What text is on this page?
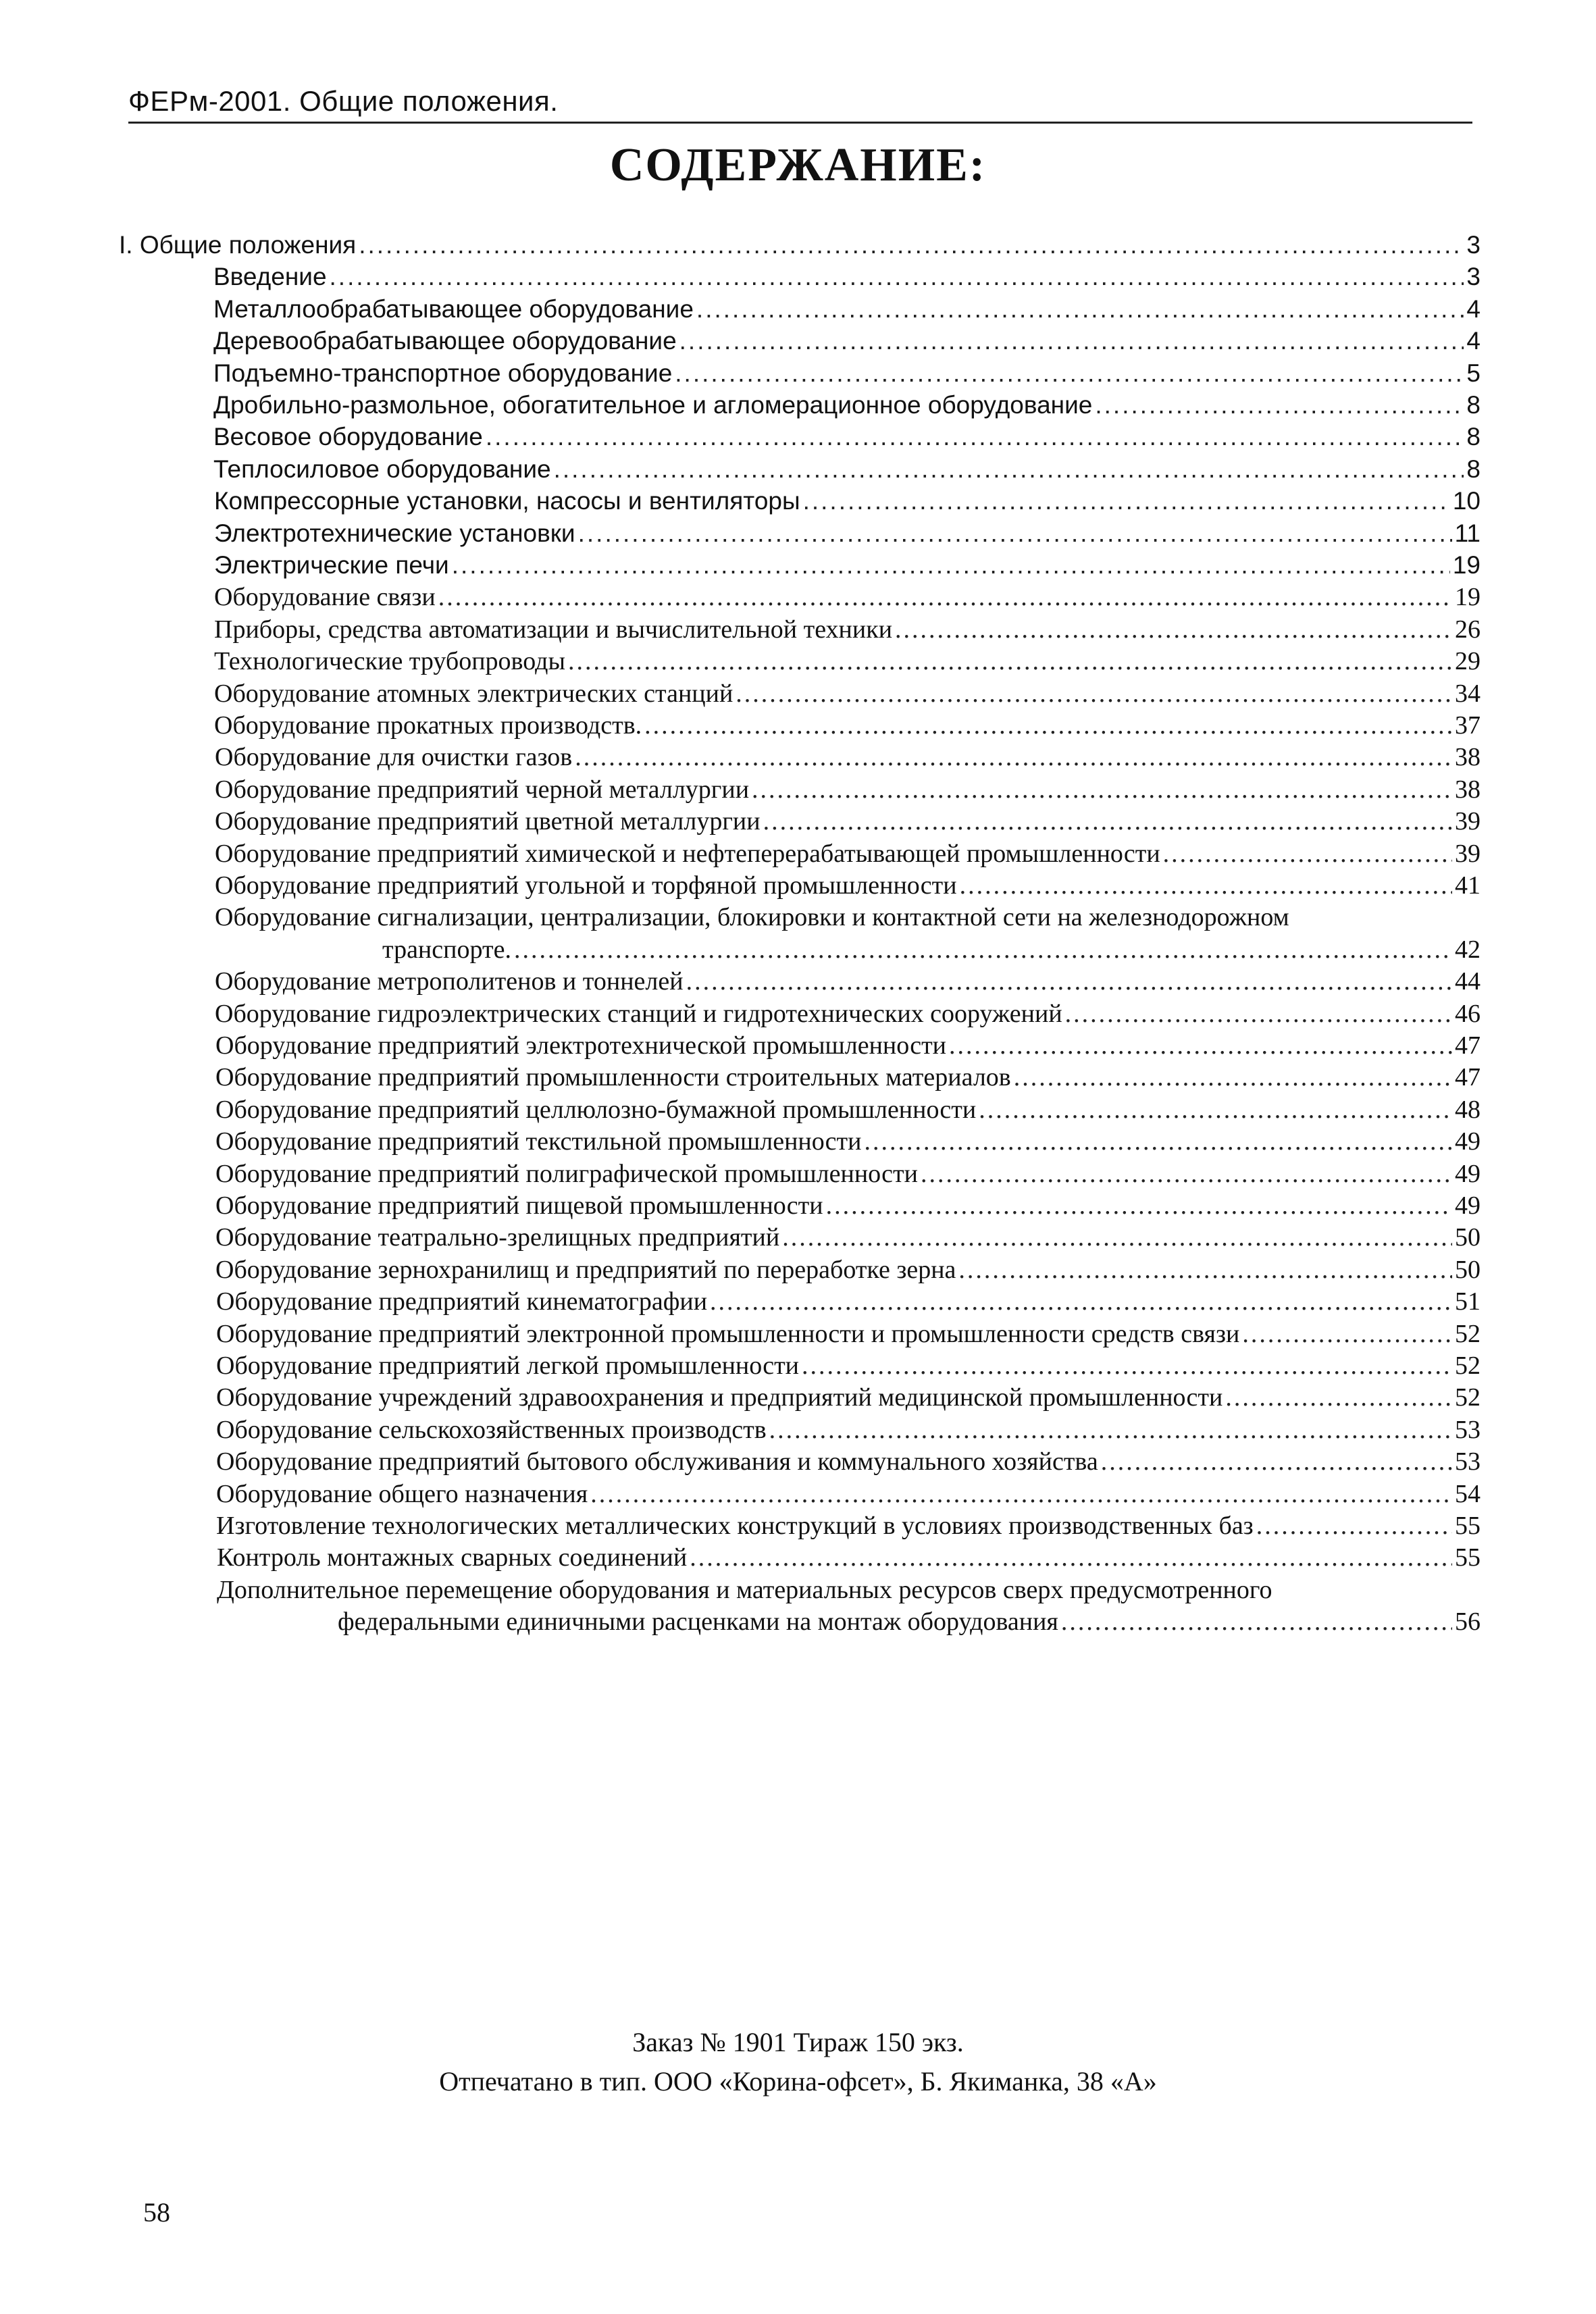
ФЕРм-2001. Общие положения.
СОДЕРЖАНИЕ:
I. Общие положения .....	3
Введение .....	3
Металлообрабатывающее оборудование .....	4
Деревообрабатывающее оборудование .....	4
Подъемно-транспортное оборудование .....	5
Дробильно-размольное, обогатительное и агломерационное оборудование .....	8
Весовое оборудование .....	8
Теплосиловое оборудование .....	8
Компрессорные установки, насосы и вентиляторы .....	10
Электротехнические установки .....	11
Электрические печи .....	19
Оборудование связи .....	19
Приборы, средства автоматизации и вычислительной техники .....	26
Технологические трубопроводы .....	29
Оборудование атомных электрических станций .....	34
Оборудование прокатных производств. .....	37
Оборудование для очистки газов .....	38
Оборудование предприятий черной металлургии .....	38
Оборудование предприятий цветной металлургии .....	39
Оборудование предприятий химической и нефтеперерабатывающей промышленности .....	39
Оборудование предприятий угольной и торфяной промышленности .....	41
Оборудование сигнализации, централизации, блокировки и контактной сети на железнодорожном
транспорте. .....	42
Оборудование метрополитенов и тоннелей .....	44
Оборудование гидроэлектрических станций и гидротехнических сооружений .....	46
Оборудование предприятий электротехнической промышленности .....	47
Оборудование предприятий промышленности строительных материалов .....	47
Оборудование предприятий целлюлозно-бумажной промышленности .....	48
Оборудование предприятий текстильной промышленности .....	49
Оборудование предприятий полиграфической промышленности .....	49
Оборудование предприятий пищевой промышленности .....	49
Оборудование театрально-зрелищных предприятий .....	50
Оборудование зернохранилищ и предприятий по переработке зерна .....	50
Оборудование предприятий кинематографии .....	51
Оборудование предприятий электронной промышленности и промышленности средств связи .....	52
Оборудование предприятий легкой промышленности .....	52
Оборудование учреждений здравоохранения и предприятий медицинской промышленности .....	52
Оборудование сельскохозяйственных производств .....	53
Оборудование предприятий бытового обслуживания и коммунального хозяйства .....	53
Оборудование общего назначения .....	54
Изготовление технологических металлических конструкций в условиях производственных баз .....	55
Контроль монтажных сварных соединений .....	55
Дополнительное перемещение оборудования и материальных ресурсов сверх предусмотренного
федеральными единичными расценками на монтаж оборудования .....	56
Заказ № 1901 Тираж 150 экз.
Отпечатано в тип. ООО «Корина-офсет», Б. Якиманка, 38 «А»
58
